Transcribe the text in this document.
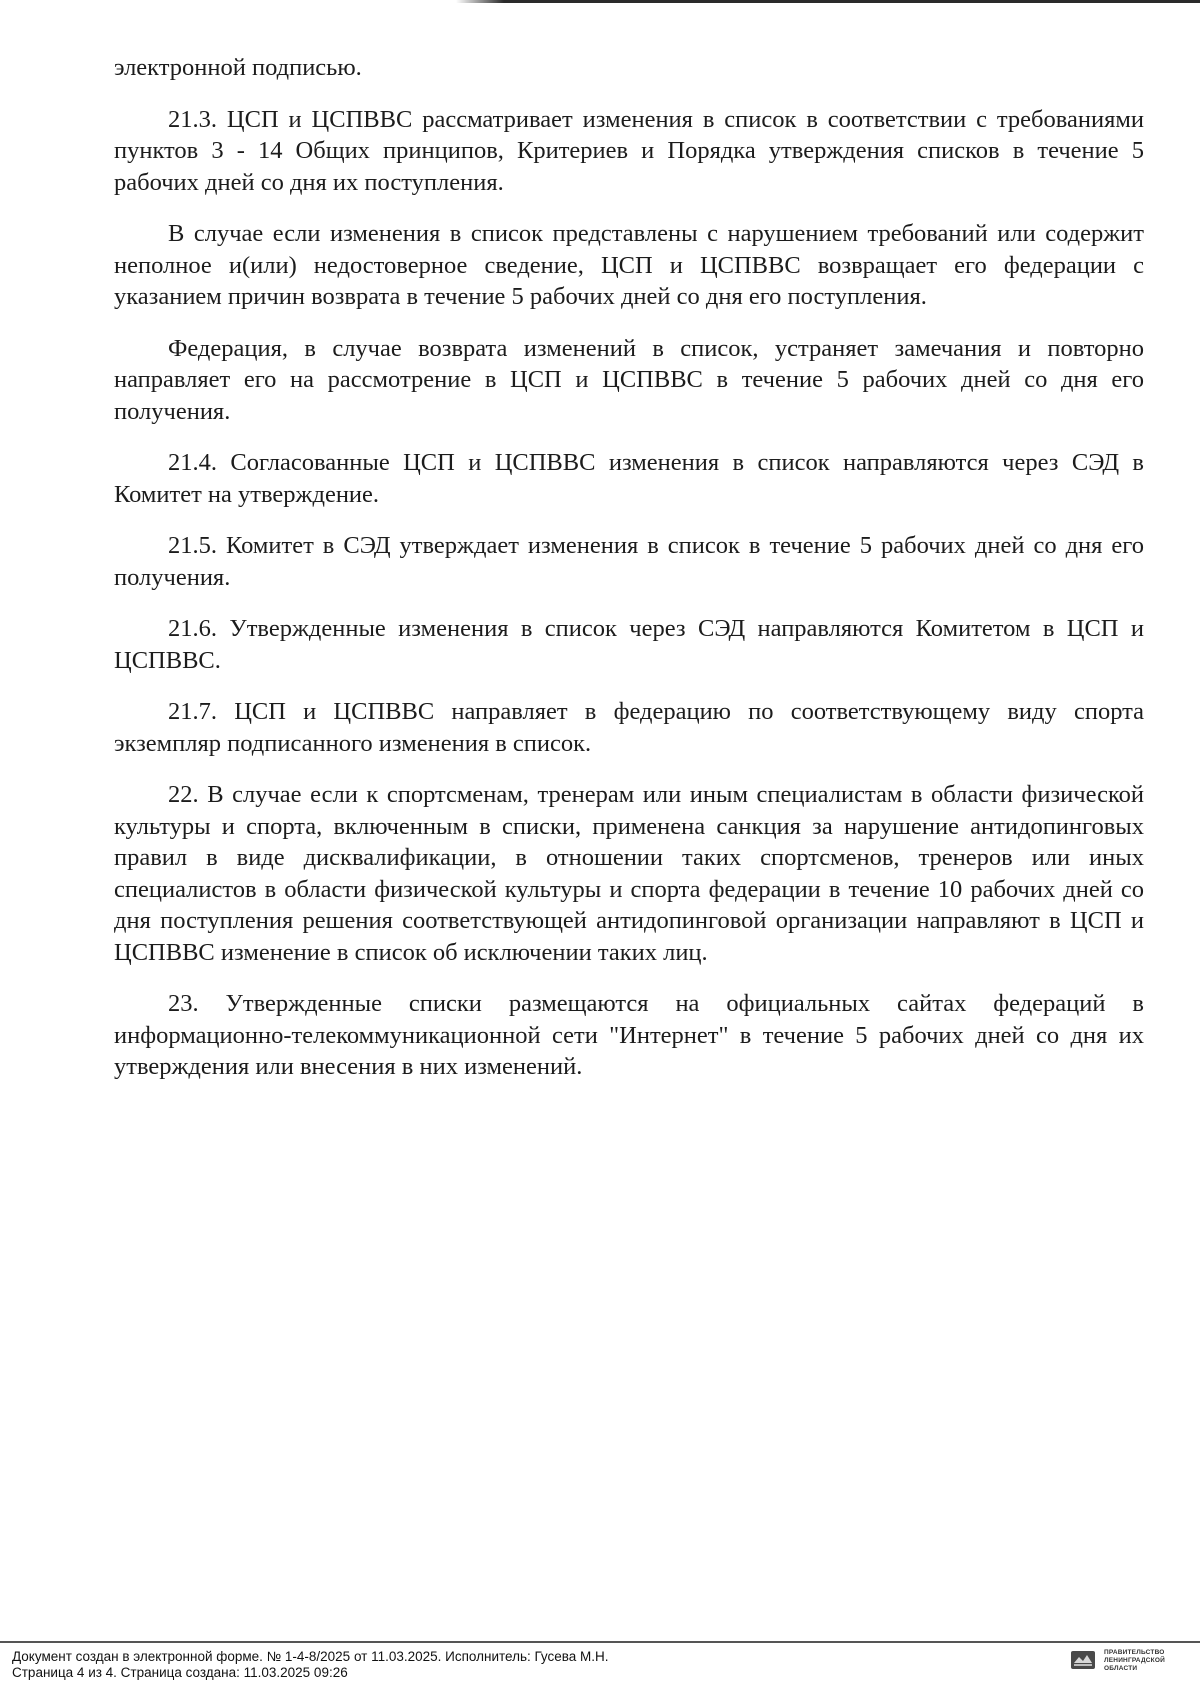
электронной подписью.

21.3. ЦСП и ЦСПВВС рассматривает изменения в список в соответствии с требованиями пунктов 3 - 14 Общих принципов, Критериев и Порядка утверждения списков в течение 5 рабочих дней со дня их поступления.

В случае если изменения в список представлены с нарушением требований или содержит неполное и(или) недостоверное сведение, ЦСП и ЦСПВВС возвращает его федерации с указанием причин возврата в течение 5 рабочих дней со дня его поступления.

Федерация, в случае возврата изменений в список, устраняет замечания и повторно направляет его на рассмотрение в ЦСП и ЦСПВВС в течение 5 рабочих дней со дня его получения.

21.4. Согласованные ЦСП и ЦСПВВС изменения в список направляются через СЭД в Комитет на утверждение.

21.5. Комитет в СЭД утверждает изменения в список в течение 5 рабочих дней со дня его получения.

21.6. Утвержденные изменения в список через СЭД направляются Комитетом в ЦСП и ЦСПВВС.

21.7. ЦСП и ЦСПВВС направляет в федерацию по соответствующему виду спорта экземпляр подписанного изменения в список.

22. В случае если к спортсменам, тренерам или иным специалистам в области физической культуры и спорта, включенным в списки, применена санкция за нарушение антидопинговых правил в виде дисквалификации, в отношении таких спортсменов, тренеров или иных специалистов в области физической культуры и спорта федерации в течение 10 рабочих дней со дня поступления решения соответствующей антидопинговой организации направляют в ЦСП и ЦСПВВС изменение в список об исключении таких лиц.

23. Утвержденные списки размещаются на официальных сайтах федераций в информационно-телекоммуникационной сети "Интернет" в течение 5 рабочих дней со дня их утверждения или внесения в них изменений.

Документ создан в электронной форме. № 1-4-8/2025 от 11.03.2025. Исполнитель: Гусева М.Н.
Страница 4 из 4. Страница создана: 11.03.2025 09:26
ПРАВИТЕЛЬСТВО
ЛЕНИНГРАДСКОЙ
ОБЛАСТИ
